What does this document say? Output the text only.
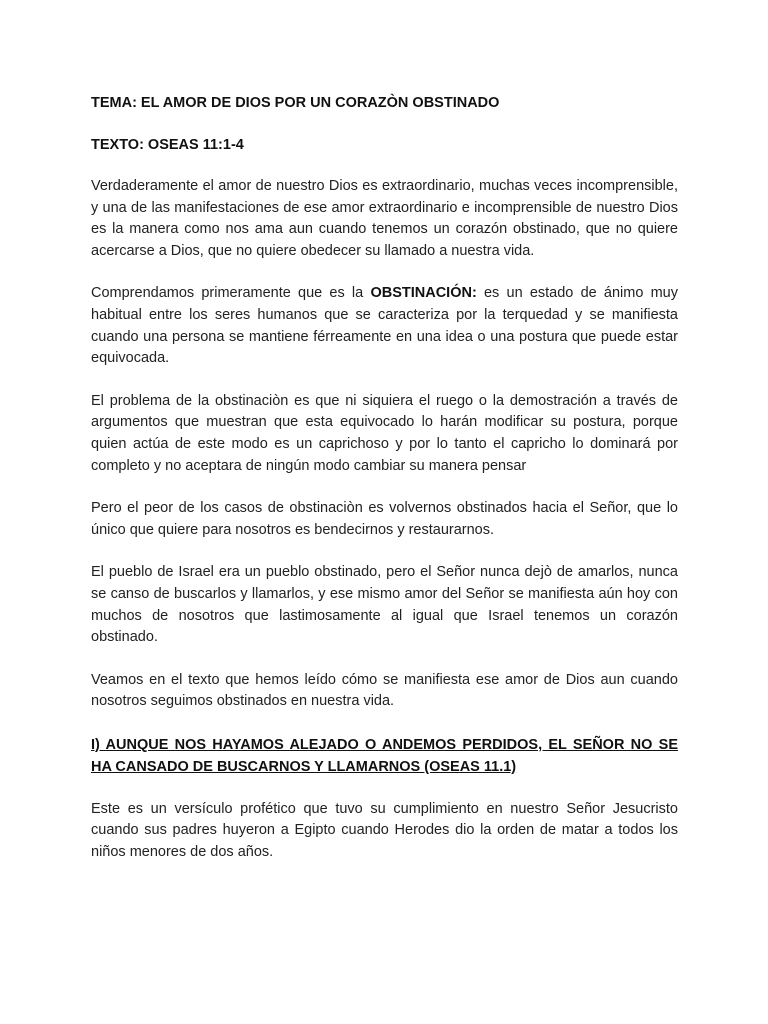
TEMA: EL AMOR DE DIOS POR UN CORAZÒN OBSTINADO

TEXTO: OSEAS 11:1-4

Verdaderamente el amor de nuestro Dios es extraordinario, muchas veces incomprensible, y una de las manifestaciones de ese amor extraordinario e incomprensible de nuestro Dios es la manera como nos ama aun cuando tenemos un corazón obstinado, que no quiere acercarse a Dios, que no quiere obedecer su llamado a nuestra vida.

Comprendamos primeramente que es la OBSTINACIÓN: es un estado de ánimo muy habitual entre los seres humanos que se caracteriza por la terquedad y se manifiesta cuando una persona se mantiene férreamente en una idea o una postura que puede estar equivocada.

El problema de la obstinaciòn es que ni siquiera el ruego o la demostración a través de argumentos que muestran que esta equivocado lo harán modificar su postura, porque quien actúa de este modo es un caprichoso y por lo tanto el capricho lo dominará por completo y no aceptara de ningún modo cambiar su manera pensar

Pero el peor de los casos de obstinaciòn es volvernos obstinados hacia el Señor, que lo único que quiere para nosotros es bendecirnos y restaurarnos.

El pueblo de Israel era un pueblo obstinado, pero el Señor nunca dejò de amarlos, nunca se canso de buscarlos y llamarlos, y ese mismo amor del Señor se manifiesta aún hoy con muchos de nosotros que lastimosamente al igual que Israel tenemos un corazón obstinado.

Veamos en el texto que hemos leído cómo se manifiesta ese amor de Dios aun cuando nosotros seguimos obstinados en nuestra vida.

I) AUNQUE NOS HAYAMOS ALEJADO O ANDEMOS PERDIDOS, EL SEÑOR NO SE HA CANSADO DE BUSCARNOS Y LLAMARNOS (OSEAS 11.1)

Este es un versículo profético que tuvo su cumplimiento en nuestro Señor Jesucristo cuando sus padres huyeron a Egipto cuando Herodes dio la orden de matar a todos los niños menores de dos años.
